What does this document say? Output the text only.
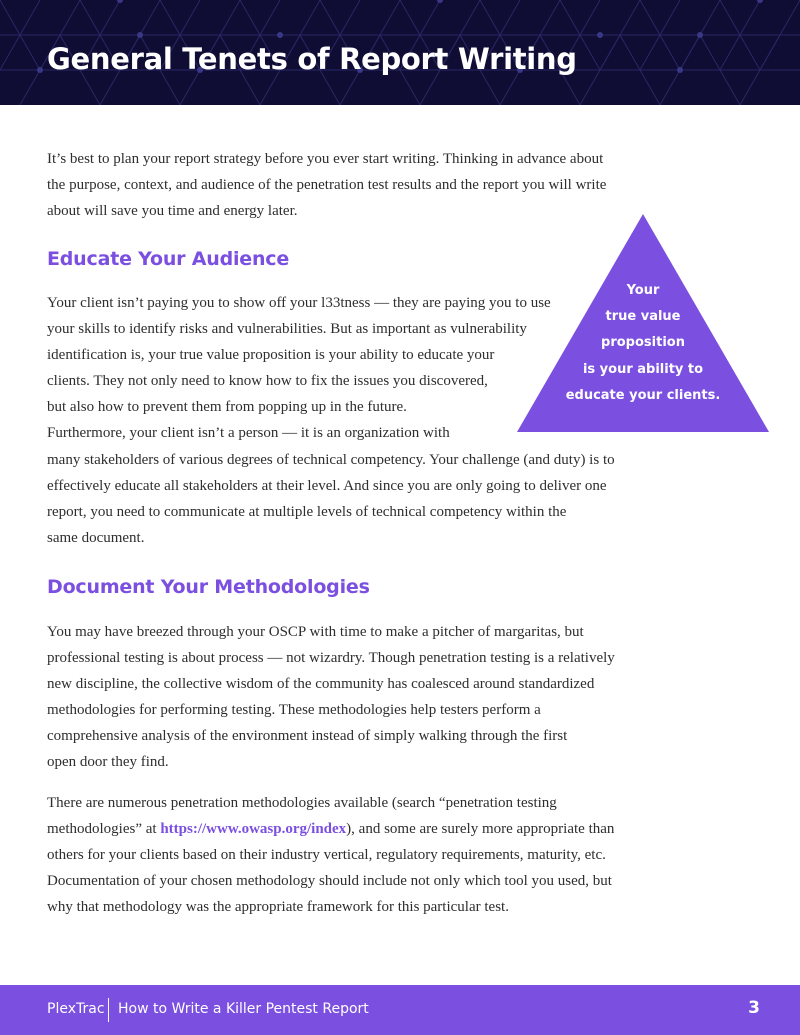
General Tenets of Report Writing

It’s best to plan your report strategy before you ever start writing. Thinking in advance about
the purpose, context, and audience of the penetration test results and the report you will write
about will save you time and energy later.

Educate Your Audience

Your client isn’t paying you to show off your l33tness — they are paying you to use
your skills to identify risks and vulnerabilities. But as important as vulnerability
identification is, your true value proposition is your ability to educate your
clients. They not only need to know how to fix the issues you discovered,
but also how to prevent them from popping up in the future.
Furthermore, your client isn’t a person — it is an organization with
many stakeholders of various degrees of technical competency. Your challenge (and duty) is to
effectively educate all stakeholders at their level. And since you are only going to deliver one
report, you need to communicate at multiple levels of technical competency within the
same document.

Your
true value
proposition
is your ability to
educate your clients.
Document Your Methodologies

You may have breezed through your OSCP with time to make a pitcher of margaritas, but
professional testing is about process — not wizardry. Though penetration testing is a relatively
new discipline, the collective wisdom of the community has coalesced around standardized
methodologies for performing testing. These methodologies help testers perform a
comprehensive analysis of the environment instead of simply walking through the first
open door they find.

There are numerous penetration methodologies available (search “penetration testing
methodologies” at https://www.owasp.org/index), and some are surely more appropriate than
others for your clients based on their industry vertical, regulatory requirements, maturity, etc.
Documentation of your chosen methodology should include not only which tool you used, but
why that methodology was the appropriate framework for this particular test.

PlexTrac How to Write a Killer Pentest Report	3
